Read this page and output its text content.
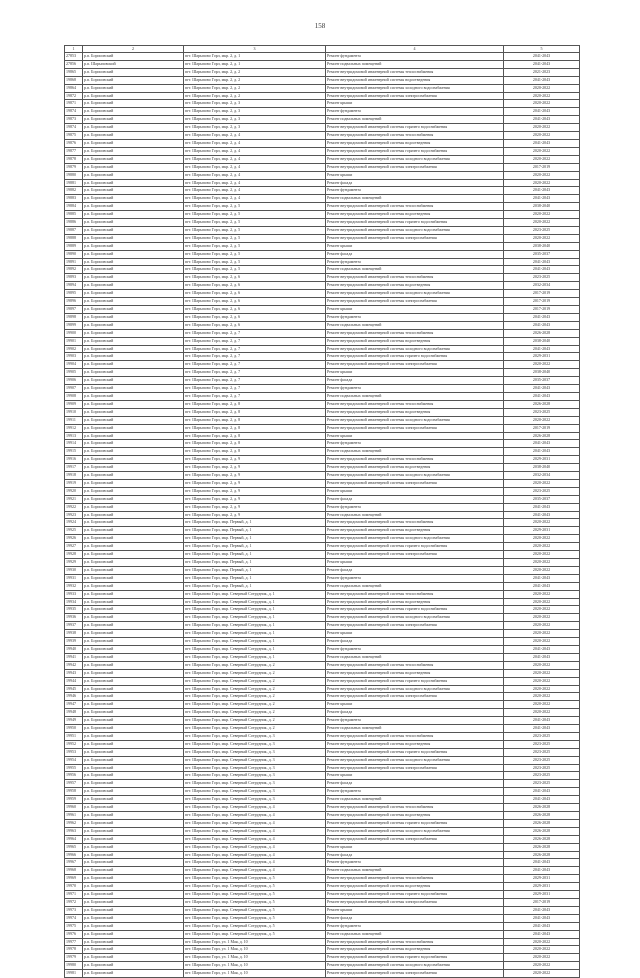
158
1	2	3	4	5
27853	р.п. Борисовский	пгт. Шарыпово Горл, мкр. 2, д. 1	Ремонт фундамента	2041-2043
27856	р.п. Шарыповский	пгт. Шарыпово Горл, мкр. 2, д. 1	Ремонт подвальных помещений	2041-2043
19865	р.п. Борисовский	пгт. Шарыпово Горл, мкр. 2, д. 2	Ремонт внутридомовой инженерной системы теплоснабжения	2021-2023
19868	р.п. Борисовский	пгт. Шарыпово Горл, мкр. 2, д. 2	Ремонт внутридомовой инженерной системы водоотведения	2041-2043
19864	р.п. Борисовский	пгт. Шарыпово Горл, мкр. 2, д. 2	Ремонт внутридомовой инженерной системы холодного водоснабжения	2020-2022
19872	р.п. Борисовский	пгт. Шарыпово Горл, мкр. 2, д. 2	Ремонт внутридомовой инженерной системы электроснабжения	2020-2022
19871	р.п. Борисовский	пгт. Шарыпово Горл, мкр. 2, д. 3	Ремонт крыши	2020-2022
19874	р.п. Борисовский	пгт. Шарыпово Горл, мкр. 2, д. 3	Ремонт фундамента	2041-2043
19873	р.п. Борисовский	пгт. Шарыпово Горл, мкр. 2, д. 3	Ремонт подвальных помещений	2041-2043
19874	р.п. Борисовский	пгт. Шарыпово Горл, мкр. 2, д. 3	Ремонт внутридомовой инженерной системы горячего водоснабжения	2020-2022
19875	р.п. Борисовский	пгт. Шарыпово Горл, мкр. 2, д. 4	Ремонт внутридомовой инженерной системы теплоснабжения	2020-2022
19876	р.п. Борисовский	пгт. Шарыпово Горл, мкр. 2, д. 4	Ремонт внутридомовой инженерной системы водоотведения	2041-2043
19877	р.п. Борисовский	пгт. Шарыпово Горл, мкр. 2, д. 4	Ремонт внутридомовой инженерной системы горячего водоснабжения	2020-2022
19878	р.п. Борисовский	пгт. Шарыпово Горл, мкр. 2, д. 4	Ремонт внутридомовой инженерной системы холодного водоснабжения	2020-2022
19879	р.п. Борисовский	пгт. Шарыпово Горл, мкр. 2, д. 4	Ремонт внутридомовой инженерной системы электроснабжения	2017-2019
19880	р.п. Борисовский	пгт. Шарыпово Горл, мкр. 2, д. 4	Ремонт крыши	2020-2022
19881	р.п. Борисовский	пгт. Шарыпово Горл, мкр. 2, д. 4	Ремонт фасада	2020-2022
19882	р.п. Борисовский	пгт. Шарыпово Горл, мкр. 2, д. 4	Ремонт фундамента	2041-2043
19883	р.п. Борисовский	пгт. Шарыпово Горл, мкр. 2, д. 4	Ремонт подвальных помещений	2041-2043
19884	р.п. Борисовский	пгт. Шарыпово Горл, мкр. 2, д. 5	Ремонт внутридомовой инженерной системы теплоснабжения	2038-2040
19885	р.п. Борисовский	пгт. Шарыпово Горл, мкр. 2, д. 5	Ремонт внутридомовой инженерной системы водоотведения	2020-2022
19886	р.п. Борисовский	пгт. Шарыпово Горл, мкр. 2, д. 5	Ремонт внутридомовой инженерной системы горячего водоснабжения	2020-2022
19887	р.п. Борисовский	пгт. Шарыпово Горл, мкр. 2, д. 5	Ремонт внутридомовой инженерной системы холодного водоснабжения	2023-2025
19888	р.п. Борисовский	пгт. Шарыпово Горл, мкр. 2, д. 5	Ремонт внутридомовой инженерной системы электроснабжения	2020-2022
19889	р.п. Борисовский	пгт. Шарыпово Горл, мкр. 2, д. 5	Ремонт крыши	2038-2040
19890	р.п. Борисовский	пгт. Шарыпово Горл, мкр. 2, д. 5	Ремонт фасада	2035-2037
19891	р.п. Борисовский	пгт. Шарыпово Горл, мкр. 2, д. 5	Ремонт фундамента	2041-2043
19892	р.п. Борисовский	пгт. Шарыпово Горл, мкр. 2, д. 5	Ремонт подвальных помещений	2041-2043
19893	р.п. Борисовский	пгт. Шарыпово Горл, мкр. 2, д. 6	Ремонт внутридомовой инженерной системы теплоснабжения	2023-2025
19894	р.п. Борисовский	пгт. Шарыпово Горл, мкр. 2, д. 6	Ремонт внутридомовой инженерной системы водоотведения	2032-2034
19895	р.п. Борисовский	пгт. Шарыпово Горл, мкр. 2, д. 6	Ремонт внутридомовой инженерной системы холодного водоснабжения	2017-2019
19896	р.п. Борисовский	пгт. Шарыпово Горл, мкр. 2, д. 6	Ремонт внутридомовой инженерной системы электроснабжения	2017-2019
19897	р.п. Борисовский	пгт. Шарыпово Горл, мкр. 2, д. 6	Ремонт крыши	2017-2019
19898	р.п. Борисовский	пгт. Шарыпово Горл, мкр. 2, д. 6	Ремонт фундамента	2041-2043
19899	р.п. Борисовский	пгт. Шарыпово Горл, мкр. 2, д. 6	Ремонт подвальных помещений	2041-2043
19900	р.п. Борисовский	пгт. Шарыпово Горл, мкр. 2, д. 7	Ремонт внутридомовой инженерной системы теплоснабжения	2026-2028
19901	р.п. Борисовский	пгт. Шарыпово Горл, мкр. 2, д. 7	Ремонт внутридомовой инженерной системы водоотведения	2038-2040
19902	р.п. Борисовский	пгт. Шарыпово Горл, мкр. 2, д. 7	Ремонт внутридомовой инженерной системы холодного водоснабжения	2041-2043
19903	р.п. Борисовский	пгт. Шарыпово Горл, мкр. 2, д. 7	Ремонт внутридомовой инженерной системы горячего водоснабжения	2029-2031
19904	р.п. Борисовский	пгт. Шарыпово Горл, мкр. 2, д. 7	Ремонт внутридомовой инженерной системы электроснабжения	2020-2022
19905	р.п. Борисовский	пгт. Шарыпово Горл, мкр. 2, д. 7	Ремонт крыши	2038-2040
19906	р.п. Борисовский	пгт. Шарыпово Горл, мкр. 2, д. 7	Ремонт фасада	2035-2037
19907	р.п. Борисовский	пгт. Шарыпово Горл, мкр. 2, д. 7	Ремонт фундамента	2041-2043
19908	р.п. Борисовский	пгт. Шарыпово Горл, мкр. 2, д. 7	Ремонт подвальных помещений	2041-2043
19909	р.п. Борисовский	пгт. Шарыпово Горл, мкр. 2, д. 8	Ремонт внутридомовой инженерной системы теплоснабжения	2026-2028
19910	р.п. Борисовский	пгт. Шарыпово Горл, мкр. 2, д. 8	Ремонт внутридомовой инженерной системы водоотведения	2023-2025
19911	р.п. Борисовский	пгт. Шарыпово Горл, мкр. 2, д. 8	Ремонт внутридомовой инженерной системы холодного водоснабжения	2020-2022
19912	р.п. Борисовский	пгт. Шарыпово Горл, мкр. 2, д. 8	Ремонт внутридомовой инженерной системы электроснабжения	2017-2019
19913	р.п. Борисовский	пгт. Шарыпово Горл, мкр. 2, д. 8	Ремонт крыши	2026-2028
19914	р.п. Борисовский	пгт. Шарыпово Горл, мкр. 2, д. 8	Ремонт фундамента	2041-2043
19915	р.п. Борисовский	пгт. Шарыпово Горл, мкр. 2, д. 8	Ремонт подвальных помещений	2041-2043
19916	р.п. Борисовский	пгт. Шарыпово Горл, мкр. 2, д. 9	Ремонт внутридомовой инженерной системы теплоснабжения	2029-2031
19917	р.п. Борисовский	пгт. Шарыпово Горл, мкр. 2, д. 9	Ремонт внутридомовой инженерной системы водоотведения	2038-2040
19918	р.п. Борисовский	пгт. Шарыпово Горл, мкр. 2, д. 9	Ремонт внутридомовой инженерной системы холодного водоснабжения	2032-2034
19919	р.п. Борисовский	пгт. Шарыпово Горл, мкр. 2, д. 9	Ремонт внутридомовой инженерной системы электроснабжения	2020-2022
19920	р.п. Борисовский	пгт. Шарыпово Горл, мкр. 2, д. 9	Ремонт крыши	2023-2025
19921	р.п. Борисовский	пгт. Шарыпово Горл, мкр. 2, д. 9	Ремонт фасада	2035-2037
19922	р.п. Борисовский	пгт. Шарыпово Горл, мкр. 2, д. 9	Ремонт фундамента	2041-2043
19923	р.п. Борисовский	пгт. Шарыпово Горл, мкр. 2, д. 9	Ремонт подвальных помещений	2041-2043
19924	р.п. Борисовский	пгт. Шарыпово Горл, мкр. Первый, д. 1	Ремонт внутридомовой инженерной системы теплоснабжения	2020-2022
19925	р.п. Борисовский	пгт. Шарыпово Горл, мкр. Первый, д. 1	Ремонт внутридомовой инженерной системы водоотведения	2029-2031
19926	р.п. Борисовский	пгт. Шарыпово Горл, мкр. Первый, д. 1	Ремонт внутридомовой инженерной системы холодного водоснабжения	2020-2022
19927	р.п. Борисовский	пгт. Шарыпово Горл, мкр. Первый, д. 1	Ремонт внутридомовой инженерной системы горячего водоснабжения	2020-2022
19928	р.п. Борисовский	пгт. Шарыпово Горл, мкр. Первый, д. 1	Ремонт внутридомовой инженерной системы электроснабжения	2020-2022
19929	р.п. Борисовский	пгт. Шарыпово Горл, мкр. Первый, д. 1	Ремонт крыши	2020-2022
19930	р.п. Борисовский	пгт. Шарыпово Горл, мкр. Первый, д. 1	Ремонт фасада	2020-2022
19931	р.п. Борисовский	пгт. Шарыпово Горл, мкр. Первый, д. 1	Ремонт фундамента	2041-2043
19932	р.п. Борисовский	пгт. Шарыпово Горл, мкр. Первый, д. 1	Ремонт подвальных помещений	2041-2043
19933	р.п. Борисовский	пгт. Шарыпово Горл, мкр. Северный Сотрудник, д. 1	Ремонт внутридомовой инженерной системы теплоснабжения	2020-2022
19934	р.п. Борисовский	пгт. Шарыпово Горл, мкр. Северный Сотрудник, д. 1	Ремонт внутридомовой инженерной системы водоотведения	2020-2022
19935	р.п. Борисовский	пгт. Шарыпово Горл, мкр. Северный Сотрудник, д. 1	Ремонт внутридомовой инженерной системы горячего водоснабжения	2020-2022
19936	р.п. Борисовский	пгт. Шарыпово Горл, мкр. Северный Сотрудник, д. 1	Ремонт внутридомовой инженерной системы холодного водоснабжения	2020-2022
19937	р.п. Борисовский	пгт. Шарыпово Горл, мкр. Северный Сотрудник, д. 1	Ремонт внутридомовой инженерной системы электроснабжения	2020-2022
19938	р.п. Борисовский	пгт. Шарыпово Горл, мкр. Северный Сотрудник, д. 1	Ремонт крыши	2020-2022
19939	р.п. Борисовский	пгт. Шарыпово Горл, мкр. Северный Сотрудник, д. 1	Ремонт фасада	2020-2022
19940	р.п. Борисовский	пгт. Шарыпово Горл, мкр. Северный Сотрудник, д. 1	Ремонт фундамента	2041-2043
19941	р.п. Борисовский	пгт. Шарыпово Горл, мкр. Северный Сотрудник, д. 1	Ремонт подвальных помещений	2041-2043
19942	р.п. Борисовский	пгт. Шарыпово Горл, мкр. Северный Сотрудник, д. 2	Ремонт внутридомовой инженерной системы теплоснабжения	2020-2022
19943	р.п. Борисовский	пгт. Шарыпово Горл, мкр. Северный Сотрудник, д. 2	Ремонт внутридомовой инженерной системы водоотведения	2020-2022
19944	р.п. Борисовский	пгт. Шарыпово Горл, мкр. Северный Сотрудник, д. 2	Ремонт внутридомовой инженерной системы горячего водоснабжения	2020-2022
19945	р.п. Борисовский	пгт. Шарыпово Горл, мкр. Северный Сотрудник, д. 2	Ремонт внутридомовой инженерной системы холодного водоснабжения	2020-2022
19946	р.п. Борисовский	пгт. Шарыпово Горл, мкр. Северный Сотрудник, д. 2	Ремонт внутридомовой инженерной системы электроснабжения	2020-2022
19947	р.п. Борисовский	пгт. Шарыпово Горл, мкр. Северный Сотрудник, д. 2	Ремонт крыши	2020-2022
19948	р.п. Борисовский	пгт. Шарыпово Горл, мкр. Северный Сотрудник, д. 2	Ремонт фасада	2020-2022
19949	р.п. Борисовский	пгт. Шарыпово Горл, мкр. Северный Сотрудник, д. 2	Ремонт фундамента	2041-2043
19950	р.п. Борисовский	пгт. Шарыпово Горл, мкр. Северный Сотрудник, д. 2	Ремонт подвальных помещений	2041-2043
19951	р.п. Борисовский	пгт. Шарыпово Горл, мкр. Северный Сотрудник, д. 3	Ремонт внутридомовой инженерной системы теплоснабжения	2023-2025
19952	р.п. Борисовский	пгт. Шарыпово Горл, мкр. Северный Сотрудник, д. 3	Ремонт внутридомовой инженерной системы водоотведения	2023-2025
19953	р.п. Борисовский	пгт. Шарыпово Горл, мкр. Северный Сотрудник, д. 3	Ремонт внутридомовой инженерной системы горячего водоснабжения	2023-2025
19954	р.п. Борисовский	пгт. Шарыпово Горл, мкр. Северный Сотрудник, д. 3	Ремонт внутридомовой инженерной системы холодного водоснабжения	2023-2025
19955	р.п. Борисовский	пгт. Шарыпово Горл, мкр. Северный Сотрудник, д. 3	Ремонт внутридомовой инженерной системы электроснабжения	2023-2025
19956	р.п. Борисовский	пгт. Шарыпово Горл, мкр. Северный Сотрудник, д. 3	Ремонт крыши	2023-2025
19957	р.п. Борисовский	пгт. Шарыпово Горл, мкр. Северный Сотрудник, д. 3	Ремонт фасада	2023-2025
19958	р.п. Борисовский	пгт. Шарыпово Горл, мкр. Северный Сотрудник, д. 3	Ремонт фундамента	2041-2043
19959	р.п. Борисовский	пгт. Шарыпово Горл, мкр. Северный Сотрудник, д. 3	Ремонт подвальных помещений	2041-2043
19960	р.п. Борисовский	пгт. Шарыпово Горл, мкр. Северный Сотрудник, д. 4	Ремонт внутридомовой инженерной системы теплоснабжения	2026-2028
19961	р.п. Борисовский	пгт. Шарыпово Горл, мкр. Северный Сотрудник, д. 4	Ремонт внутридомовой инженерной системы водоотведения	2026-2028
19962	р.п. Борисовский	пгт. Шарыпово Горл, мкр. Северный Сотрудник, д. 4	Ремонт внутридомовой инженерной системы горячего водоснабжения	2026-2028
19963	р.п. Борисовский	пгт. Шарыпово Горл, мкр. Северный Сотрудник, д. 4	Ремонт внутридомовой инженерной системы холодного водоснабжения	2026-2028
19964	р.п. Борисовский	пгт. Шарыпово Горл, мкр. Северный Сотрудник, д. 4	Ремонт внутридомовой инженерной системы электроснабжения	2026-2028
19965	р.п. Борисовский	пгт. Шарыпово Горл, мкр. Северный Сотрудник, д. 4	Ремонт крыши	2026-2028
19966	р.п. Борисовский	пгт. Шарыпово Горл, мкр. Северный Сотрудник, д. 4	Ремонт фасада	2026-2028
19967	р.п. Борисовский	пгт. Шарыпово Горл, мкр. Северный Сотрудник, д. 4	Ремонт фундамента	2041-2043
19968	р.п. Борисовский	пгт. Шарыпово Горл, мкр. Северный Сотрудник, д. 4	Ремонт подвальных помещений	2041-2043
19969	р.п. Борисовский	пгт. Шарыпово Горл, мкр. Северный Сотрудник, д. 5	Ремонт внутридомовой инженерной системы теплоснабжения	2029-2031
19970	р.п. Борисовский	пгт. Шарыпово Горл, мкр. Северный Сотрудник, д. 5	Ремонт внутридомовой инженерной системы водоотведения	2029-2031
19971	р.п. Борисовский	пгт. Шарыпово Горл, мкр. Северный Сотрудник, д. 5	Ремонт внутридомовой инженерной системы горячего водоснабжения	2029-2031
19972	р.п. Борисовский	пгт. Шарыпово Горл, мкр. Северный Сотрудник, д. 5	Ремонт внутридомовой инженерной системы электроснабжения	2017-2019
19973	р.п. Борисовский	пгт. Шарыпово Горл, мкр. Северный Сотрудник, д. 5	Ремонт крыши	2041-2043
19974	р.п. Борисовский	пгт. Шарыпово Горл, мкр. Северный Сотрудник, д. 5	Ремонт фасада	2041-2043
19975	р.п. Борисовский	пгт. Шарыпово Горл, мкр. Северный Сотрудник, д. 5	Ремонт фундамента	2041-2043
19976	р.п. Борисовский	пгт. Шарыпово Горл, мкр. Северный Сотрудник, д. 5	Ремонт подвальных помещений	2041-2043
19977	р.п. Борисовский	пгт. Шарыпово Горл, ул. 1 Мая, д. 10	Ремонт внутридомовой инженерной системы теплоснабжения	2020-2022
19978	р.п. Борисовский	пгт. Шарыпово Горл, ул. 1 Мая, д. 10	Ремонт внутридомовой инженерной системы водоотведения	2020-2022
19979	р.п. Борисовский	пгт. Шарыпово Горл, ул. 1 Мая, д. 10	Ремонт внутридомовой инженерной системы горячего водоснабжения	2020-2022
19980	р.п. Борисовский	пгт. Шарыпово Горл, ул. 1 Мая, д. 10	Ремонт внутридомовой инженерной системы холодного водоснабжения	2020-2022
19981	р.п. Борисовский	пгт. Шарыпово Горл, ул. 1 Мая, д. 10	Ремонт внутридомовой инженерной системы электроснабжения	2020-2022
